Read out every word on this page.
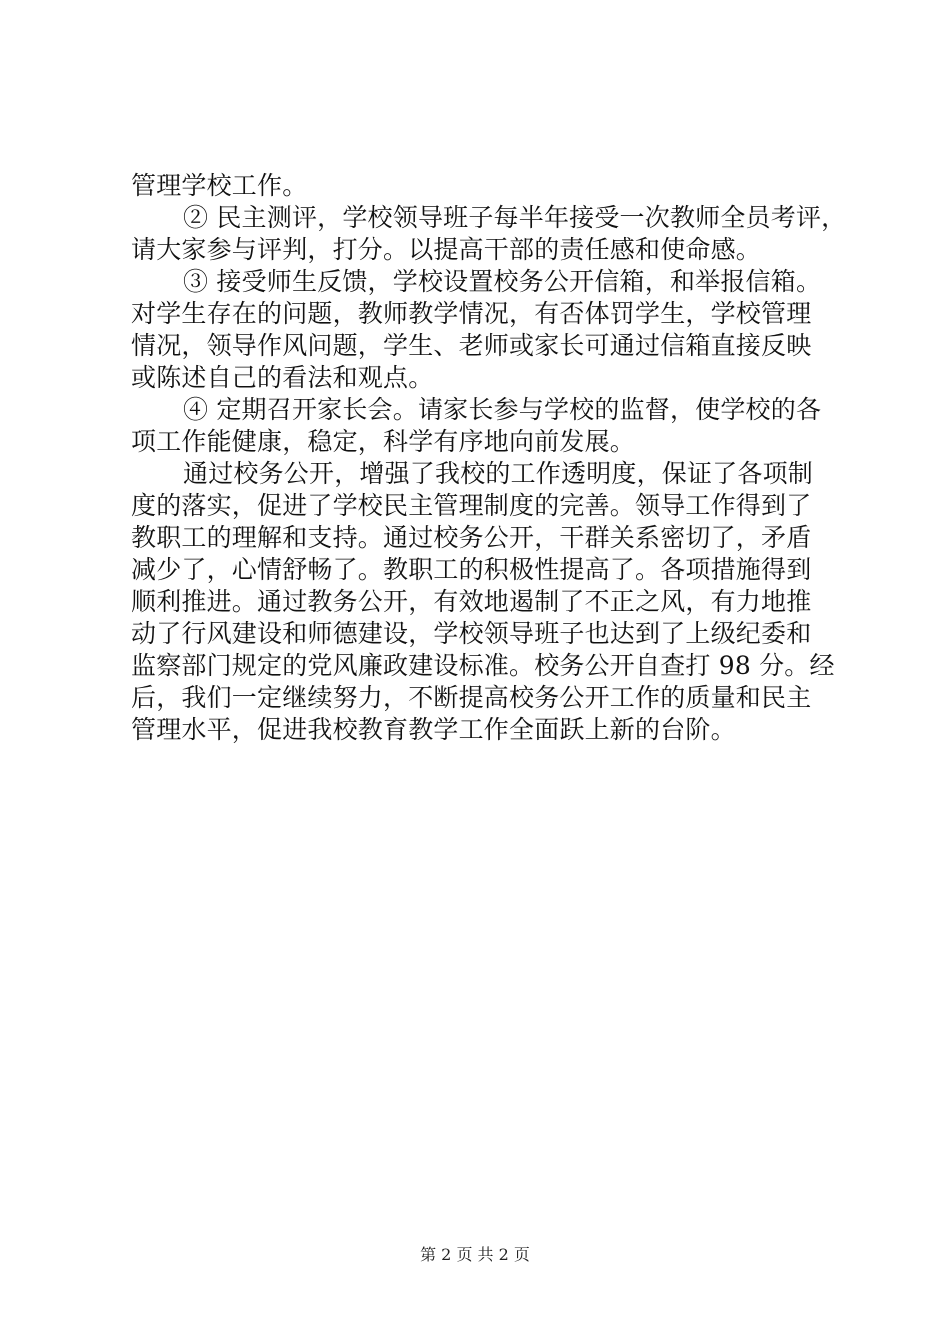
管理学校工作。
② 民主测评，学校领导班子每半年接受一次教师全员考评，
请大家参与评判，打分。以提高干部的责任感和使命感。
③ 接受师生反馈，学校设置校务公开信箱，和举报信箱。
对学生存在的问题，教师教学情况，有否体罚学生，学校管理
情况，领导作风问题，学生、老师或家长可通过信箱直接反映
或陈述自己的看法和观点。
④ 定期召开家长会。请家长参与学校的监督，使学校的各
项工作能健康，稳定，科学有序地向前发展。
通过校务公开，增强了我校的工作透明度，保证了各项制
度的落实，促进了学校民主管理制度的完善。领导工作得到了
教职工的理解和支持。通过校务公开，干群关系密切了，矛盾
减少了，心情舒畅了。教职工的积极性提高了。各项措施得到
顺利推进。通过教务公开，有效地遏制了不正之风，有力地推
动了行风建设和师德建设，学校领导班子也达到了上级纪委和
监察部门规定的党风廉政建设标准。校务公开自查打 98 分。经
后，我们一定继续努力，不断提高校务公开工作的质量和民主
管理水平，促进我校教育教学工作全面跃上新的台阶。
第 2 页 共 2 页
